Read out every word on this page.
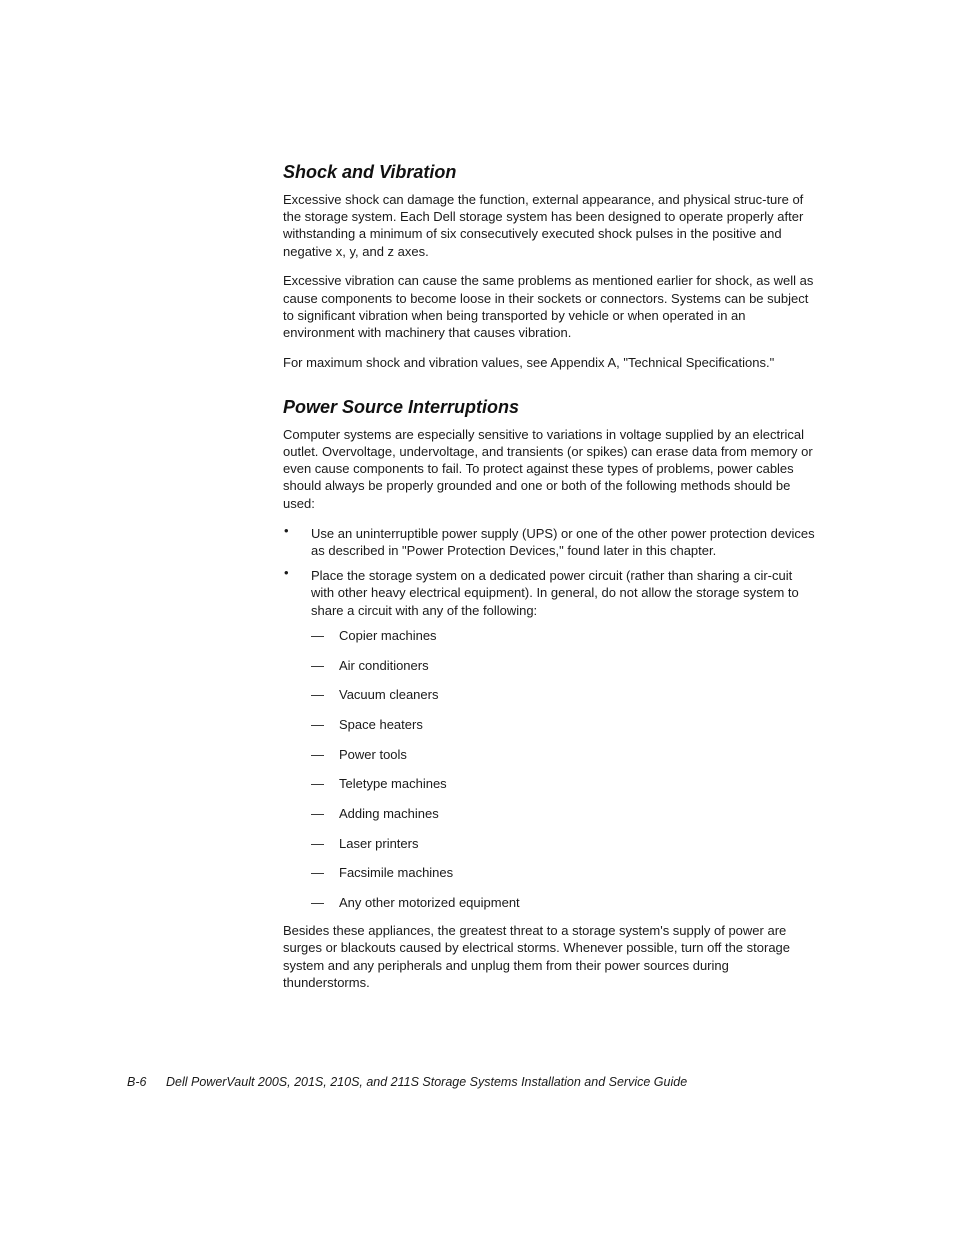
Shock and Vibration

Excessive shock can damage the function, external appearance, and physical struc-ture of the storage system. Each Dell storage system has been designed to operate properly after withstanding a minimum of six consecutively executed shock pulses in the positive and negative x, y, and z axes.

Excessive vibration can cause the same problems as mentioned earlier for shock, as well as cause components to become loose in their sockets or connectors. Systems can be subject to significant vibration when being transported by vehicle or when operated in an environment with machinery that causes vibration.

For maximum shock and vibration values, see Appendix A, "Technical Specifications."

Power Source Interruptions

Computer systems are especially sensitive to variations in voltage supplied by an electrical outlet. Overvoltage, undervoltage, and transients (or spikes) can erase data from memory or even cause components to fail. To protect against these types of problems, power cables should always be properly grounded and one or both of the following methods should be used:

• Use an uninterruptible power supply (UPS) or one of the other power protection devices as described in "Power Protection Devices," found later in this chapter.
• Place the storage system on a dedicated power circuit (rather than sharing a cir-cuit with other heavy electrical equipment). In general, do not allow the storage system to share a circuit with any of the following:
— Copier machines
— Air conditioners
— Vacuum cleaners
— Space heaters
— Power tools
— Teletype machines
— Adding machines
— Laser printers
— Facsimile machines
— Any other motorized equipment

Besides these appliances, the greatest threat to a storage system's supply of power are surges or blackouts caused by electrical storms. Whenever possible, turn off the storage system and any peripherals and unplug them from their power sources during thunderstorms.

B-6 Dell PowerVault 200S, 201S, 210S, and 211S Storage Systems Installation and Service Guide
